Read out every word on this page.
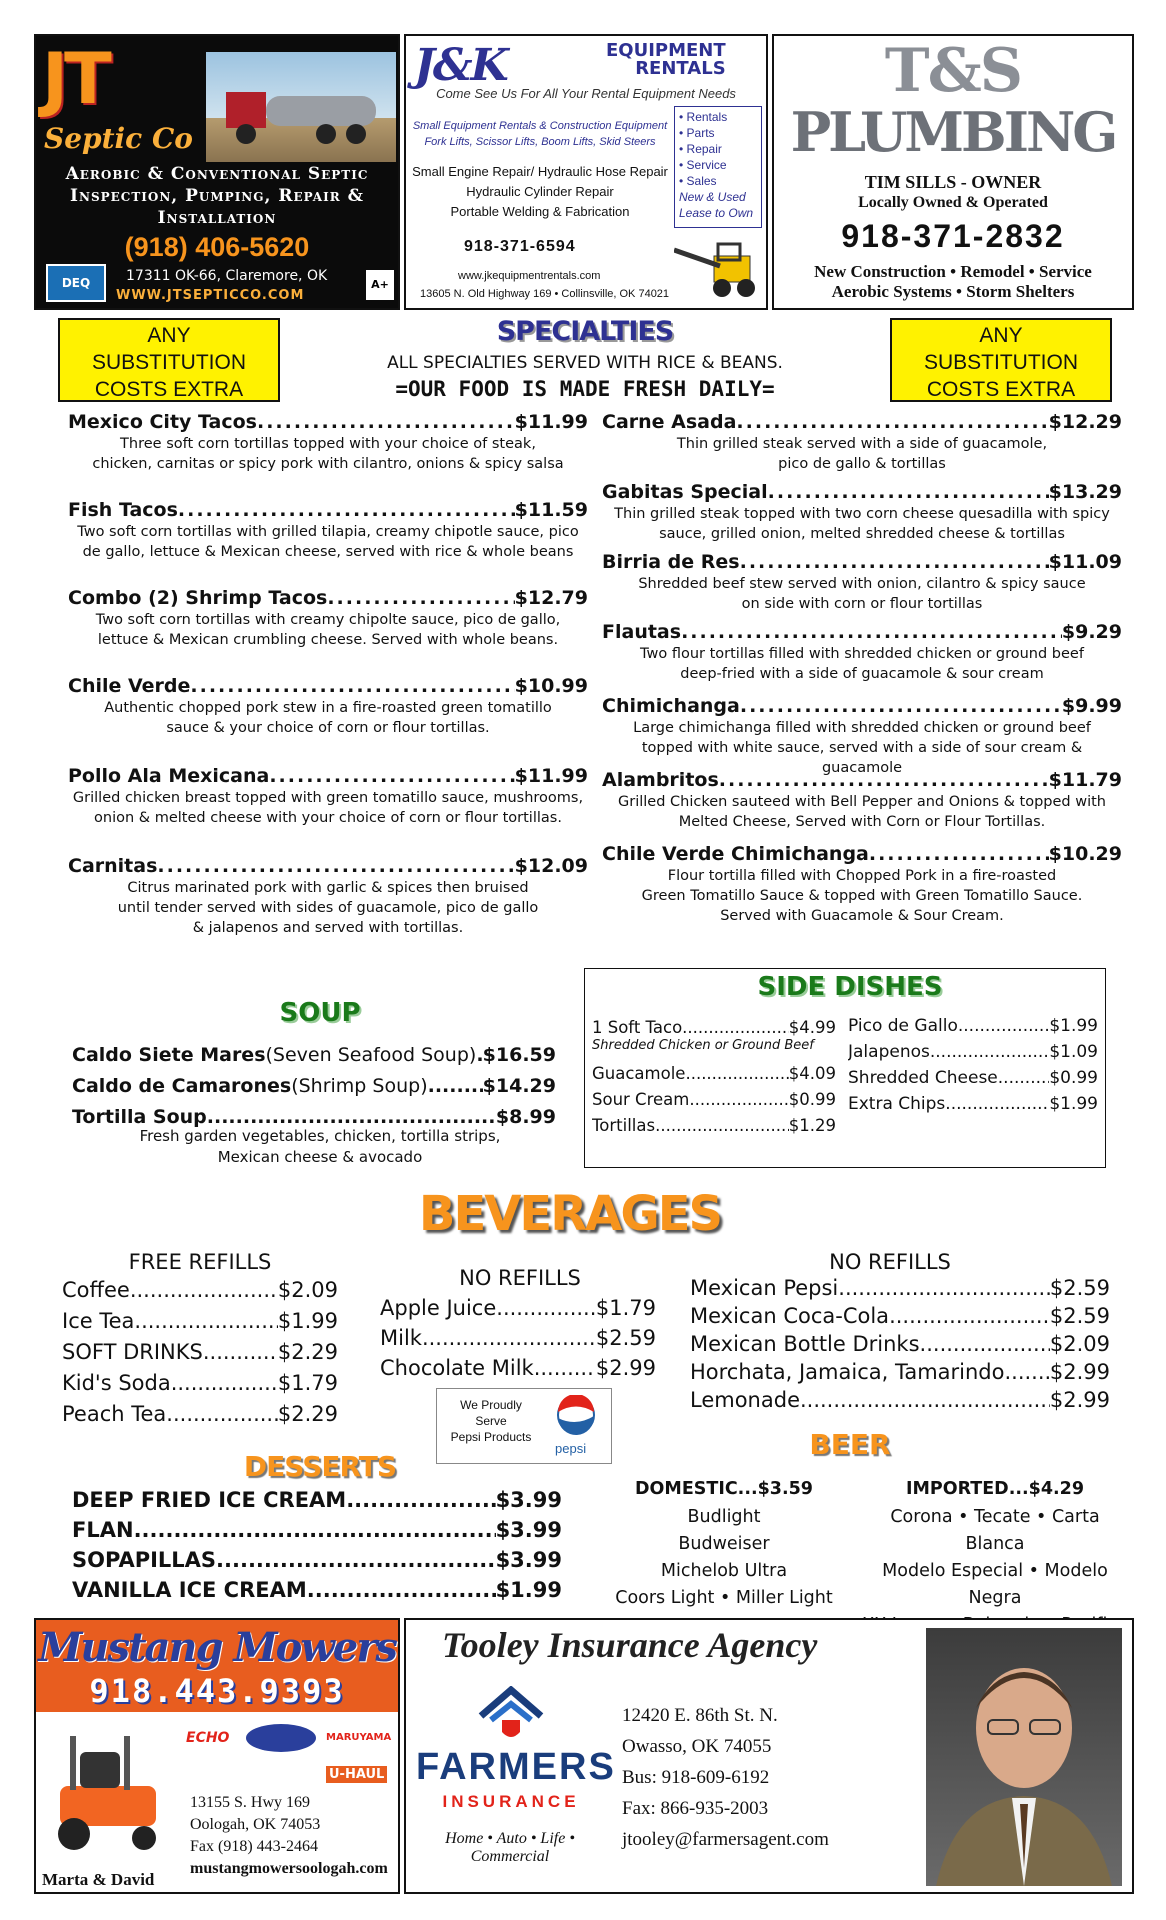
JT
Septic Co
Aerobic & Conventional Septic
Inspection, Pumping, Repair &
Installation
(918) 406-5620
DEQ	17311 OK-66, Claremore, OK
WWW.JTSEPTICCO.COM
A+
J&K	EQUIPMENT
RENTALS
Come See Us For All Your Rental Equipment Needs
Small Equipment Rentals & Construction Equipment
Fork Lifts, Scissor Lifts, Boom Lifts, Skid Steers
Small Engine Repair/ Hydraulic Hose Repair
Hydraulic Cylinder Repair
Portable Welding & Fabrication
• Rentals
• Parts
• Repair
• Service
• Sales
New & Used
Lease to Own
918-371-6594
www.jkequipmentrentals.com
13605 N. Old Highway 169 • Collinsville, OK 74021
T&S
PLUMBING
TIM SILLS - OWNER
Locally Owned & Operated
918-371-2832
New Construction • Remodel • Service
Aerobic Systems • Storm Shelters
ANY
SUBSTITUTION
COSTS EXTRA
ANY
SUBSTITUTION
COSTS EXTRA
SPECIALTIES
ALL SPECIALTIES SERVED WITH RICE & BEANS.
=OUR FOOD IS MADE FRESH DAILY=
SOUP
Fresh garden vegetables, chicken, tortilla strips,
Mexican cheese & avocado
SIDE DISHES
BEVERAGES
FREE REFILLS
NO REFILLS
NO REFILLS
We Proudly
Serve
Pepsi Products
pepsi
DESSERTS
BEER
DOMESTIC...$3.59	IMPORTED...$4.29
Budlight
Budweiser
Michelob Ultra
Coors Light • Miller Light
Corona • Tecate • Carta Blanca
Modelo Especial • Modelo Negra
Mustang Mowers
918.443.9393
ECHO	MARUYAMA
U-HAUL
13155 S. Hwy 169
Oologah, OK 74053
Fax (918) 443-2464
mustangmowersoologah.com
Marta & David
Tooley Insurance Agency
FARMERS
INSURANCE
Home • Auto • Life • Commercial
12420 E. 86th St. N.
Owasso, OK 74055
Bus: 918-609-6192
Fax: 866-935-2003
jtooley@farmersagent.com
Mexico City Tacos .....	$11.99
Three soft corn tortillas topped with your choice of steak,
chicken, carnitas or spicy pork with cilantro, onions & spicy salsa
Fish Tacos .....	$11.59
Two soft corn tortillas with grilled tilapia, creamy chipotle sauce, pico
de gallo, lettuce & Mexican cheese, served with rice & whole beans
Combo (2) Shrimp Tacos .....	$12.79
Two soft corn tortillas with creamy chipolte sauce, pico de gallo,
lettuce & Mexican crumbling cheese. Served with whole beans.
Chile Verde .....	$10.99
Authentic chopped pork stew in a fire-roasted green tomatillo
sauce & your choice of corn or flour tortillas.
Pollo Ala Mexicana .....	$11.99
Grilled chicken breast topped with green tomatillo sauce, mushrooms,
onion & melted cheese with your choice of corn or flour tortillas.
Carnitas .....	$12.09
Citrus marinated pork with garlic & spices then bruised
until tender served with sides of guacamole, pico de gallo
& jalapenos and served with tortillas.
Carne Asada .....	$12.29
Thin grilled steak served with a side of guacamole,
pico de gallo & tortillas
Gabitas Special .....	$13.29
Thin grilled steak topped with two corn cheese quesadilla with spicy
sauce, grilled onion, melted shredded cheese & tortillas
Birria de Res .....	$11.09
Shredded beef stew served with onion, cilantro & spicy sauce
on side with corn or flour tortillas
Flautas .....	$9.29
Two flour tortillas filled with shredded chicken or ground beef
deep-fried with a side of guacamole & sour cream
Chimichanga .....	$9.99
Large chimichanga filled with shredded chicken or ground beef
topped with white sauce, served with a side of sour cream & guacamole
Alambritos .....	$11.79
Grilled Chicken sauteed with Bell Pepper and Onions & topped with
Melted Cheese, Served with Corn or Flour Tortillas.
Chile Verde Chimichanga .....	$10.29
Flour tortilla filled with Chopped Pork in a fire-roasted
Green Tomatillo Sauce & topped with Green Tomatillo Sauce.
Served with Guacamole & Sour Cream.
Caldo Siete Mares (Seven Seafood Soup) ..... $16.59
Caldo de Camarones (Shrimp Soup) .....	$14.29
Tortilla Soup .....	$8.99
1 Soft Taco .....	$4.99
Guacamole .....	$4.09
Sour Cream .....	$0.99
Tortillas .....	$1.29
Shredded Chicken or Ground Beef
Pico de Gallo .....	$1.99
Jalapenos .....	$1.09
Shredded Cheese .....	$0.99
Extra Chips .....	$1.99
Coffee .....	$2.09
Ice Tea .....	$1.99
SOFT DRINKS .....	$2.29
Kid's Soda .....	$1.79
Peach Tea .....	$2.29
Apple Juice .....	$1.79
Milk .....	$2.59
Chocolate Milk .....	$2.99
Mexican Pepsi .....	$2.59
Mexican Coca-Cola .....	$2.59
Mexican Bottle Drinks .....	$2.09
Horchata, Jamaica, Tamarindo ..... $2.99
Lemonade .....	$2.99
DEEP FRIED ICE CREAM .....	$3.99
FLAN .....	$3.99
SOPAPILLAS .....	$3.99
VANILLA ICE CREAM .....	$1.99
